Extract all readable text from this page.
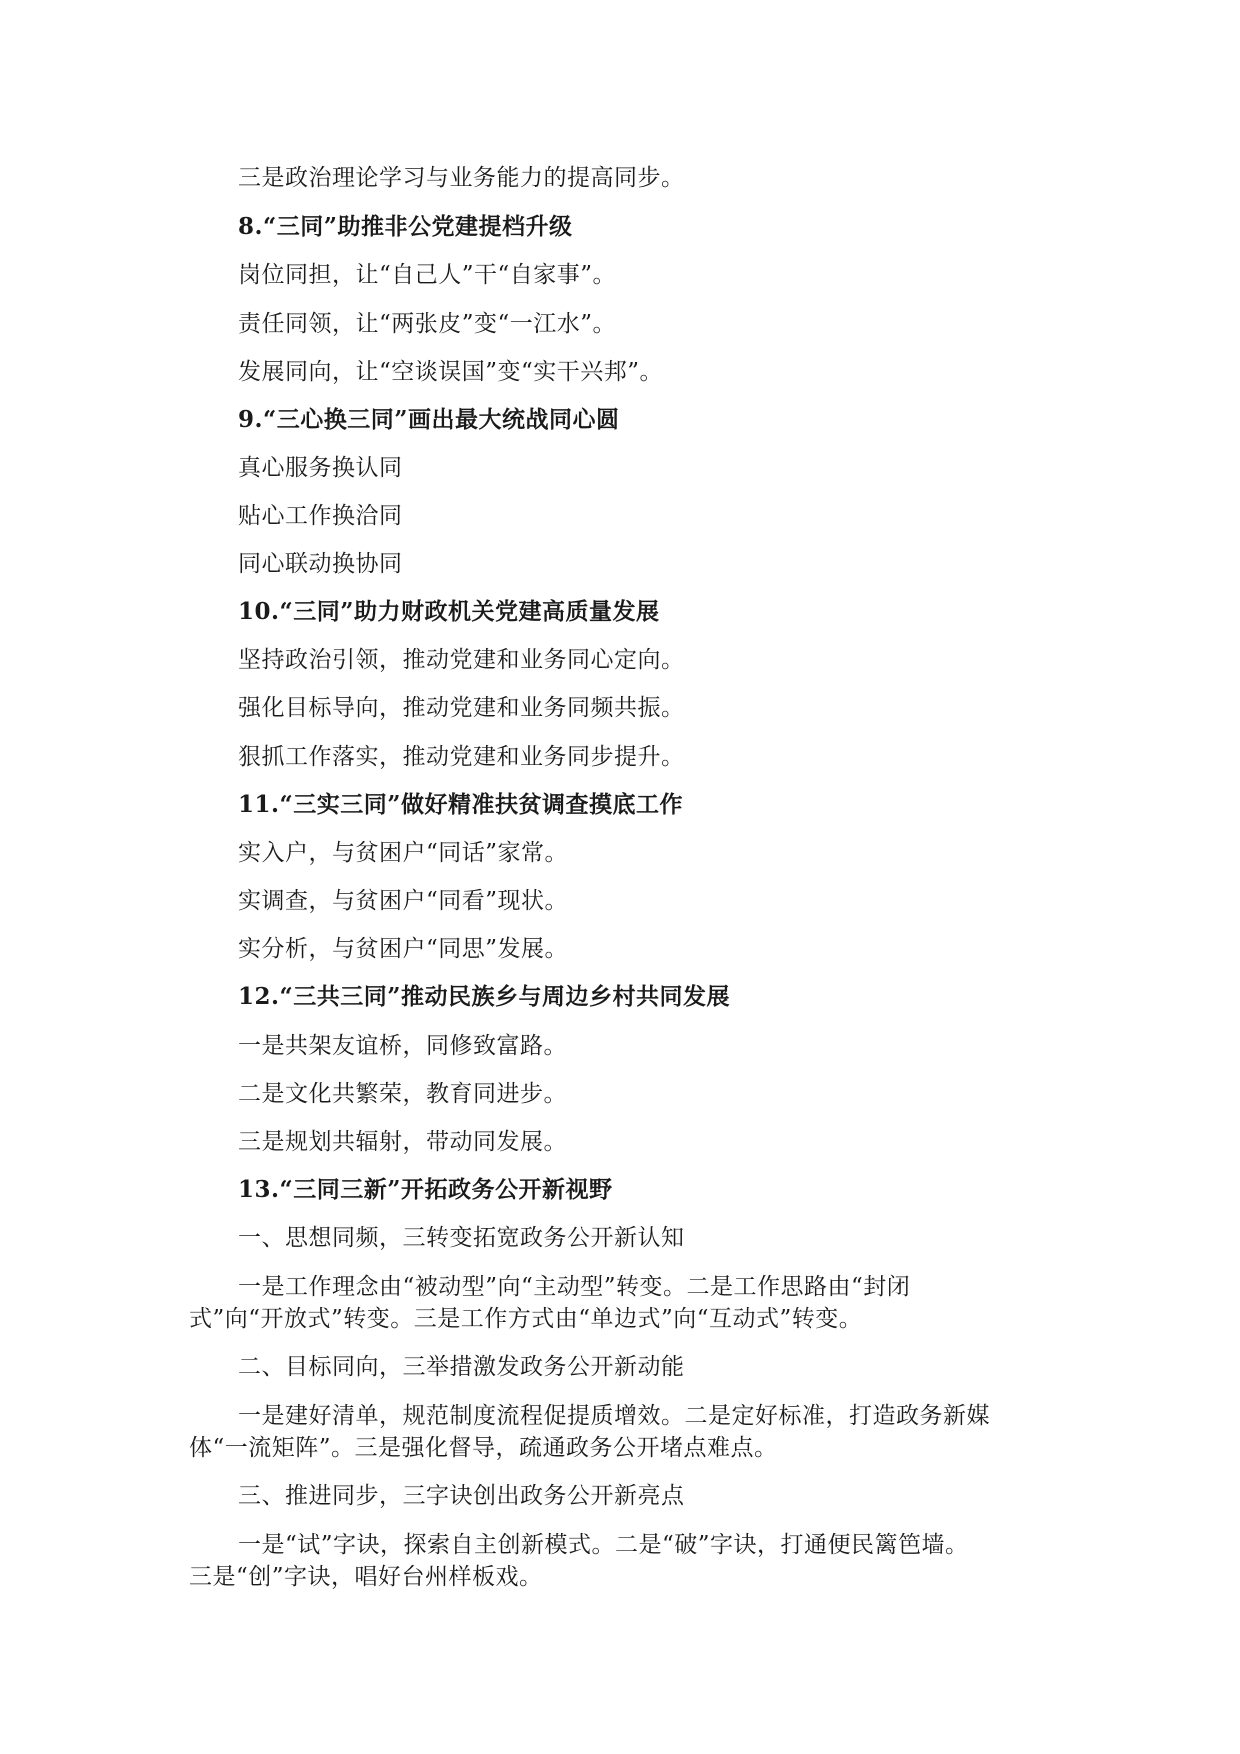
三是政治理论学习与业务能力的提高同步。
8.“三同”助推非公党建提档升级
岗位同担，让“自己人”干“自家事”。
责任同领，让“两张皮”变“一江水”。
发展同向，让“空谈误国”变“实干兴邦”。
9.“三心换三同”画出最大统战同心圆
真心服务换认同
贴心工作换洽同
同心联动换协同
10.“三同”助力财政机关党建高质量发展
坚持政治引领，推动党建和业务同心定向。
强化目标导向，推动党建和业务同频共振。
狠抓工作落实，推动党建和业务同步提升。
11.“三实三同”做好精准扶贫调查摸底工作
实入户，与贫困户“同话”家常。
实调查，与贫困户“同看”现状。
实分析，与贫困户“同思”发展。
12.“三共三同”推动民族乡与周边乡村共同发展
一是共架友谊桥，同修致富路。
二是文化共繁荣，教育同进步。
三是规划共辐射，带动同发展。
13.“三同三新”开拓政务公开新视野
一、思想同频，三转变拓宽政务公开新认知
一是工作理念由“被动型”向“主动型”转变。二是工作思路由“封闭
式”向“开放式”转变。三是工作方式由“单边式”向“互动式”转变。
二、目标同向，三举措激发政务公开新动能
一是建好清单，规范制度流程促提质增效。二是定好标准，打造政务新媒
体“一流矩阵”。三是强化督导，疏通政务公开堵点难点。
三、推进同步，三字诀创出政务公开新亮点
一是“试”字诀，探索自主创新模式。二是“破”字诀，打通便民篱笆墙。
三是“创”字诀，唱好台州样板戏。
